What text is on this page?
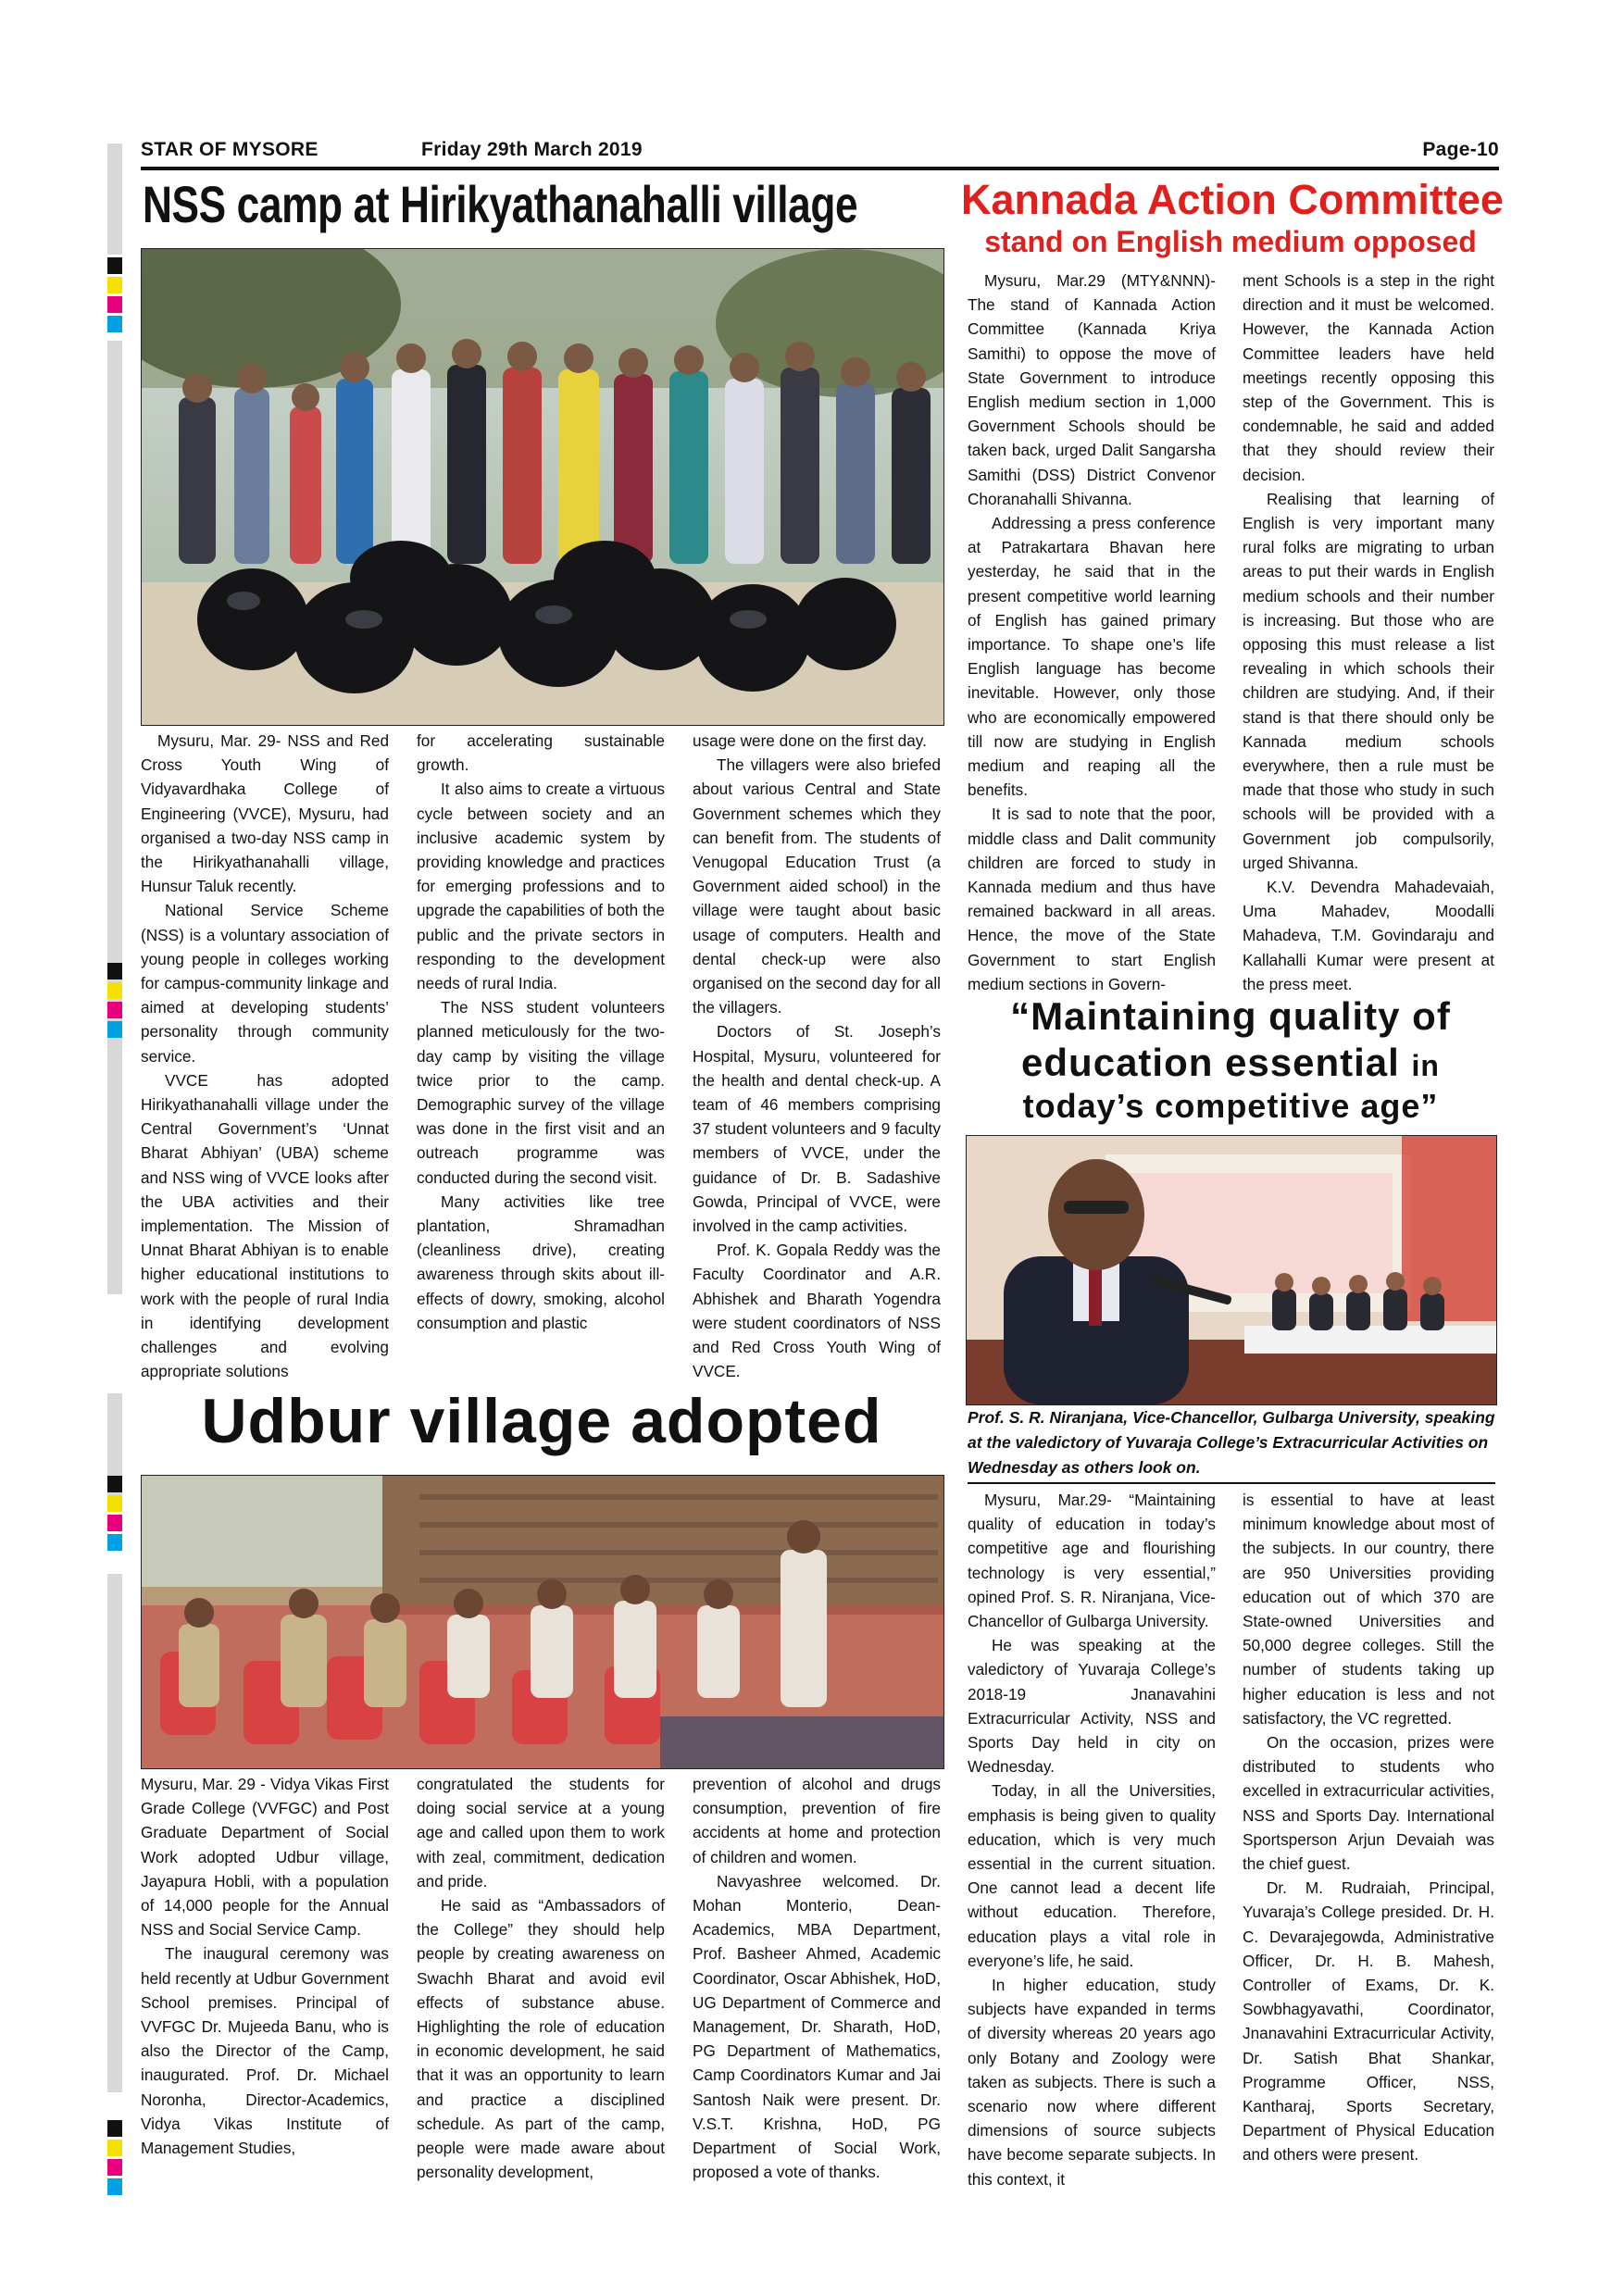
STAR OF MYSORE	Friday 29th March 2019	Page-10
NSS camp at Hirikyathanahalli village

Mysuru, Mar. 29- NSS and Red Cross Youth Wing of Vidyavardhaka College of Engineering (VVCE), Mysuru, had organised a two-day NSS camp in the Hirikyathanahalli village, Hunsur Taluk recently.

National Service Scheme (NSS) is a voluntary association of young people in colleges working for campus-community linkage and aimed at developing students’ personality through community service.

VVCE has adopted Hirikyathanahalli village under the Central Government’s ‘Unnat Bharat Abhiyan’ (UBA) scheme and NSS wing of VVCE looks after the UBA activities and their implementation. The Mission of Unnat Bharat Abhiyan is to enable higher educational institutions to work with the people of rural India in identifying development challenges and evolving appropriate solutions

for accelerating sustainable growth.

It also aims to create a virtuous cycle between society and an inclusive academic system by providing knowledge and practices for emerging professions and to upgrade the capabilities of both the public and the private sectors in responding to the development needs of rural India.

The NSS student volunteers planned meticulously for the two-day camp by visiting the village twice prior to the camp. Demographic survey of the village was done in the first visit and an outreach programme was conducted during the second visit.

Many activities like tree plantation, Shramadhan (cleanliness drive), creating awareness through skits about ill-effects of dowry, smoking, alcohol consumption and plastic

usage were done on the first day.

The villagers were also briefed about various Central and State Government schemes which they can benefit from. The students of Venugopal Education Trust (a Government aided school) in the village were taught about basic usage of computers. Health and dental check-up were also organised on the second day for all the villagers.

Doctors of St. Joseph’s Hospital, Mysuru, volunteered for the health and dental check-up. A team of 46 members comprising 37 student volunteers and 9 faculty members of VVCE, under the guidance of Dr. B. Sadashive Gowda, Principal of VVCE, were involved in the camp activities.

Prof. K. Gopala Reddy was the Faculty Coordinator and A.R. Abhishek and Bharath Yogendra were student coordinators of NSS and Red Cross Youth Wing of VVCE.

Kannada Action Committee
stand on English medium opposed

Mysuru, Mar.29 (MTY&NNN)- The stand of Kannada Action Committee (Kannada Kriya Samithi) to oppose the move of State Government to introduce English medium section in 1,000 Government Schools should be taken back, urged Dalit Sangarsha Samithi (DSS) District Convenor Choranahalli Shivanna.

Addressing a press conference at Patrakartara Bhavan here yesterday, he said that in the present competitive world learning of English has gained primary importance. To shape one’s life English language has become inevitable. However, only those who are economically empowered till now are studying in English medium and reaping all the benefits.

It is sad to note that the poor, middle class and Dalit community children are forced to study in Kannada medium and thus have remained backward in all areas. Hence, the move of the State Government to start English medium sections in Govern-

ment Schools is a step in the right direction and it must be welcomed. However, the Kannada Action Committee leaders have held meetings recently opposing this step of the Government. This is condemnable, he said and added that they should review their decision.

Realising that learning of English is very important many rural folks are migrating to urban areas to put their wards in English medium schools and their number is increasing. But those who are opposing this must release a list revealing in which schools their children are studying. And, if their stand is that there should only be Kannada medium schools everywhere, then a rule must be made that those who study in such schools will be provided with a Government job compulsorily, urged Shivanna.

K.V. Devendra Mahadevaiah, Uma Mahadev, Moodalli Mahadeva, T.M. Govindaraju and Kallahalli Kumar were present at the press meet.

“Maintaining quality of
education essential in
today’s competitive age”
Prof. S. R. Niranjana, Vice-Chancellor, Gulbarga University, speaking at the valedictory of Yuvaraja College’s Extracurricular Activities on Wednesday as others look on.

Mysuru, Mar.29- “Maintaining quality of education in today’s competitive age and flourishing technology is very essential,” opined Prof. S. R. Niranjana, Vice-Chancellor of Gulbarga University.

He was speaking at the valedictory of Yuvaraja College’s 2018-19 Jnanavahini Extracurricular Activity, NSS and Sports Day held in city on Wednesday.

Today, in all the Universities, emphasis is being given to quality education, which is very much essential in the current situation. One cannot lead a decent life without education. Therefore, education plays a vital role in everyone’s life, he said.

In higher education, study subjects have expanded in terms of diversity whereas 20 years ago only Botany and Zoology were taken as subjects. There is such a scenario now where different dimensions of source subjects have become separate subjects. In this context, it

is essential to have at least minimum knowledge about most of the subjects. In our country, there are 950 Universities providing education out of which 370 are State-owned Universities and 50,000 degree colleges. Still the number of students taking up higher education is less and not satisfactory, the VC regretted.

On the occasion, prizes were distributed to students who excelled in extracurricular activities, NSS and Sports Day. International Sportsperson Arjun Devaiah was the chief guest.

Dr. M. Rudraiah, Principal, Yuvaraja’s College presided. Dr. H. C. Devarajegowda, Administrative Officer, Dr. H. B. Mahesh, Controller of Exams, Dr. K. Sowbhagyavathi, Coordinator, Jnanavahini Extracurricular Activity, Dr. Satish Bhat Shankar, Programme Officer, NSS, Kantharaj, Sports Secretary, Department of Physical Education and others were present.

Udbur village adopted

Mysuru, Mar. 29 - Vidya Vikas First Grade College (VVFGC) and Post Graduate Department of Social Work adopted Udbur village, Jayapura Hobli, with a population of 14,000 people for the Annual NSS and Social Service Camp.

The inaugural ceremony was held recently at Udbur Government School premises. Principal of VVFGC Dr. Mujeeda Banu, who is also the Director of the Camp, inaugurated. Prof. Dr. Michael Noronha, Director-Academics, Vidya Vikas Institute of Management Studies,

congratulated the students for doing social service at a young age and called upon them to work with zeal, commitment, dedication and pride.

He said as “Ambassadors of the College” they should help people by creating awareness on Swachh Bharat and avoid evil effects of substance abuse. Highlighting the role of education in economic development, he said that it was an opportunity to learn and practice a disciplined schedule. As part of the camp, people were made aware about personality development,

prevention of alcohol and drugs consumption, prevention of fire accidents at home and protection of children and women.

Navyashree welcomed. Dr. Mohan Monterio, Dean-Academics, MBA Department, Prof. Basheer Ahmed, Academic Coordinator, Oscar Abhishek, HoD, UG Department of Commerce and Management, Dr. Sharath, HoD, PG Department of Mathematics, Camp Coordinators Kumar and Jai Santosh Naik were present. Dr. V.S.T. Krishna, HoD, PG Department of Social Work, proposed a vote of thanks.
